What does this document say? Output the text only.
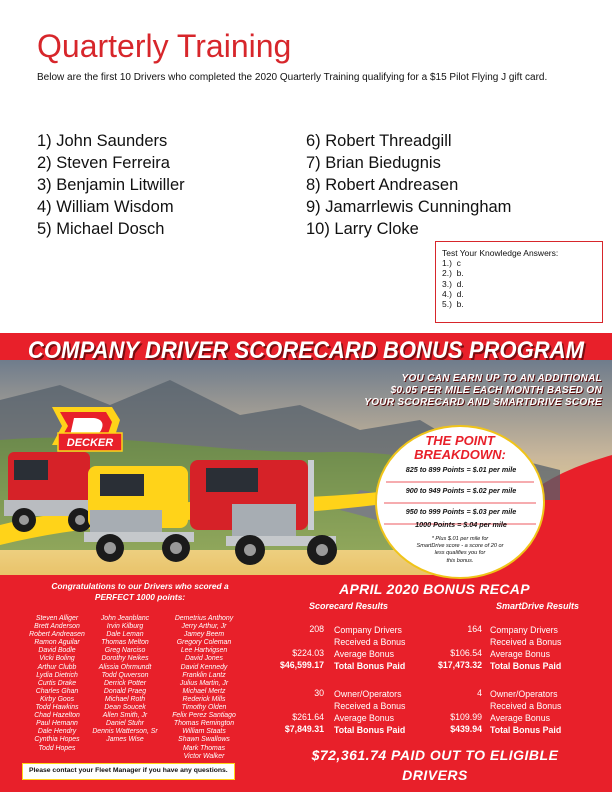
Quarterly Training
Below are the first 10 Drivers who completed the 2020 Quarterly Training qualifying for a $15 Pilot Flying J gift card.
1) John Saunders
2) Steven Ferreira
3) Benjamin Litwiller
4) William Wisdom
5) Michael Dosch
6) Robert Threadgill
7) Brian Biedugnis
8) Robert Andreasen
9) Jamarrlewis Cunningham
10) Larry Cloke
Test Your Knowledge Answers:
1.)  c
2.)  b.
3.)  d.
4.)  d.
5.)  b.
DECKER
COMPANY DRIVER SCORECARD BONUS PROGRAM
YOU CAN EARN UP TO AN ADDITIONAL
$0.05 PER MILE EACH MONTH BASED ON
YOUR SCORECARD AND SMARTDRIVE SCORE
THE POINT
BREAKDOWN:
825 to 899 Points = $.01 per mile
900 to 949 Points = $.02 per mile
950 to 999 Points = $.03 per mile
1000 Points = $.04 per mile
* Plus $.01 per mile for
SmartDrive score - a score of 20 or
less qualifies you for
this bonus.
Congratulations to our Drivers who scored a
PERFECT 1000 points:
Steven Alliger
Brett Anderson
Robert Andreasen
Ramon Aguilar
David Bodle
Vicki Boling
Arthur Clubb
Lydia Dietrich
Curtis Drake
Charles Ghan
Kirby Goos
Todd Hawkins
Chad Hazelton
Paul Hemann
Dale Hendry
Cynthia Hopes
Todd Hopes
John Jeanblanc
Irvin Kilburg
Dale Leman
Thomas Melton
Greg Narciso
Dorothy Neikes
Alissia Ohrmundt
Todd Quverson
Derrick Potter
Donald Praeg
Michael Roth
Dean Soucek
Allen Smith, Jr
Daniel Stuhr
Dennis Watterson, Sr
James Wise
Demetrius Anthony
Jerry Arthur, Jr
Jamey Beem
Gregory Coleman
Lee Hartvigsen
David Jones
David Kennedy
Franklin Lantz
Julius Martin, Jr
Michael Mertz
Rederick Mills
Timothy Olden
Felix Perez Santiago
Thomas Remington
William Staats
Shawn Swallows
Mark Thomas
Victor Walker
Please contact your Fleet Manager if you have any questions.
APRIL 2020 BONUS RECAP
Scorecard Results	SmartDrive Results
208
$224.03
$46,599.17
Company Drivers
Received a Bonus
Average Bonus
Total Bonus Paid
164
$106.54
$17,473.32
Company Drivers
Received a Bonus
Average Bonus
Total Bonus Paid
30
$261.64
$7,849.31
Owner/Operators
Received a Bonus
Average Bonus
Total Bonus Paid
4
$109.99
$439.94
Owner/Operators
Received a Bonus
Average Bonus
Total Bonus Paid
$72,361.74 PAID OUT TO ELIGIBLE
DRIVERS
